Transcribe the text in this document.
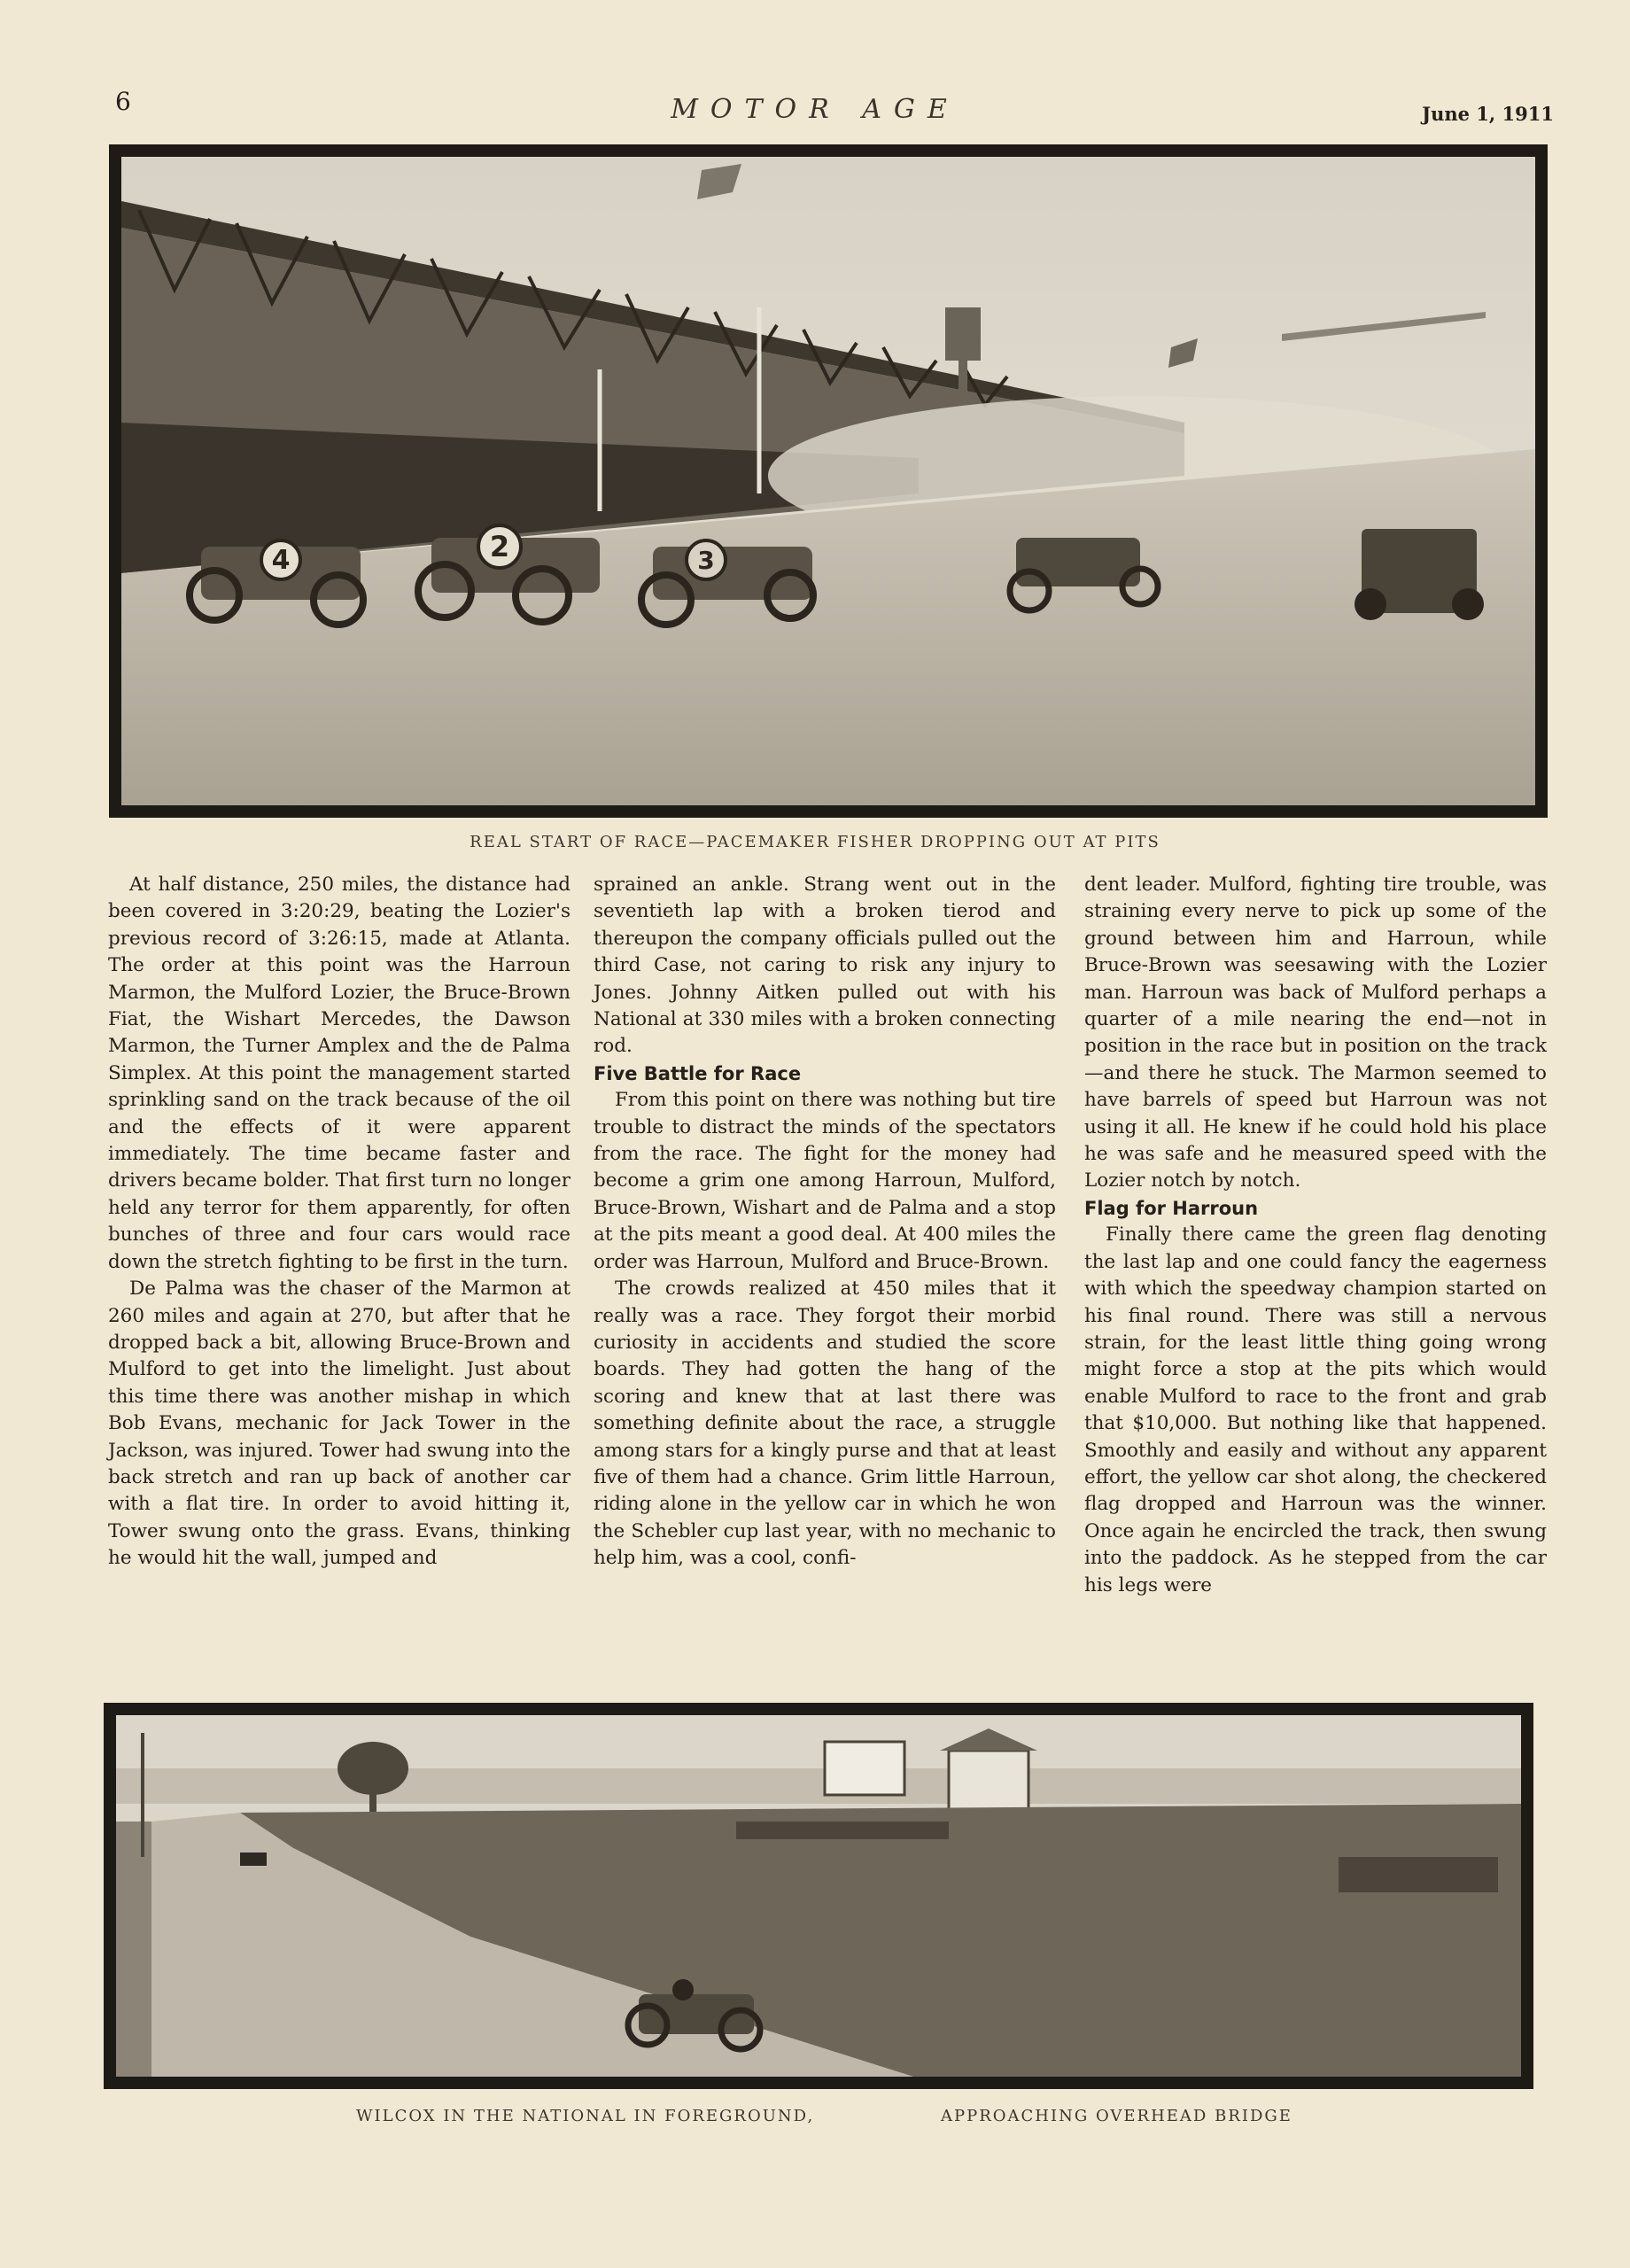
6	MOTOR AGE	June 1, 1911
4	2	3
REAL START OF RACE—PACEMAKER FISHER DROPPING OUT AT PITS

At half distance, 250 miles, the distance had been covered in 3:20:29, beating the Lozier's previous record of 3:26:15, made at Atlanta. The order at this point was the Harroun Marmon, the Mulford Lozier, the Bruce-Brown Fiat, the Wishart Mercedes, the Dawson Marmon, the Turner Amplex and the de Palma Simplex. At this point the management started sprinkling sand on the track because of the oil and the effects of it were apparent immediately. The time became faster and drivers became bolder. That first turn no longer held any terror for them apparently, for often bunches of three and four cars would race down the stretch fighting to be first in the turn.

De Palma was the chaser of the Marmon at 260 miles and again at 270, but after that he dropped back a bit, allowing Bruce-Brown and Mulford to get into the limelight. Just about this time there was another mishap in which Bob Evans, mechanic for Jack Tower in the Jackson, was injured. Tower had swung into the back stretch and ran up back of another car with a flat tire. In order to avoid hitting it, Tower swung onto the grass. Evans, thinking he would hit the wall, jumped and

sprained an ankle. Strang went out in the seventieth lap with a broken tierod and thereupon the company officials pulled out the third Case, not caring to risk any injury to Jones. Johnny Aitken pulled out with his National at 330 miles with a broken connecting rod.

Five Battle for Race

From this point on there was nothing but tire trouble to distract the minds of the spectators from the race. The fight for the money had become a grim one among Harroun, Mulford, Bruce-Brown, Wishart and de Palma and a stop at the pits meant a good deal. At 400 miles the order was Harroun, Mulford and Bruce-Brown.

The crowds realized at 450 miles that it really was a race. They forgot their morbid curiosity in accidents and studied the score boards. They had gotten the hang of the scoring and knew that at last there was something definite about the race, a struggle among stars for a kingly purse and that at least five of them had a chance. Grim little Harroun, riding alone in the yellow car in which he won the Schebler cup last year, with no mechanic to help him, was a cool, confi-

dent leader. Mulford, fighting tire trouble, was straining every nerve to pick up some of the ground between him and Harroun, while Bruce-Brown was seesawing with the Lozier man. Harroun was back of Mulford perhaps a quarter of a mile nearing the end—not in position in the race but in position on the track—and there he stuck. The Marmon seemed to have barrels of speed but Harroun was not using it all. He knew if he could hold his place he was safe and he measured speed with the Lozier notch by notch.

Flag for Harroun

Finally there came the green flag denoting the last lap and one could fancy the eagerness with which the speedway champion started on his final round. There was still a nervous strain, for the least little thing going wrong might force a stop at the pits which would enable Mulford to race to the front and grab that $10,000. But nothing like that happened. Smoothly and easily and without any apparent effort, the yellow car shot along, the checkered flag dropped and Harroun was the winner. Once again he encircled the track, then swung into the paddock. As he stepped from the car his legs were

WILCOX IN THE NATIONAL IN FOREGROUND,	APPROACHING OVERHEAD BRIDGE
